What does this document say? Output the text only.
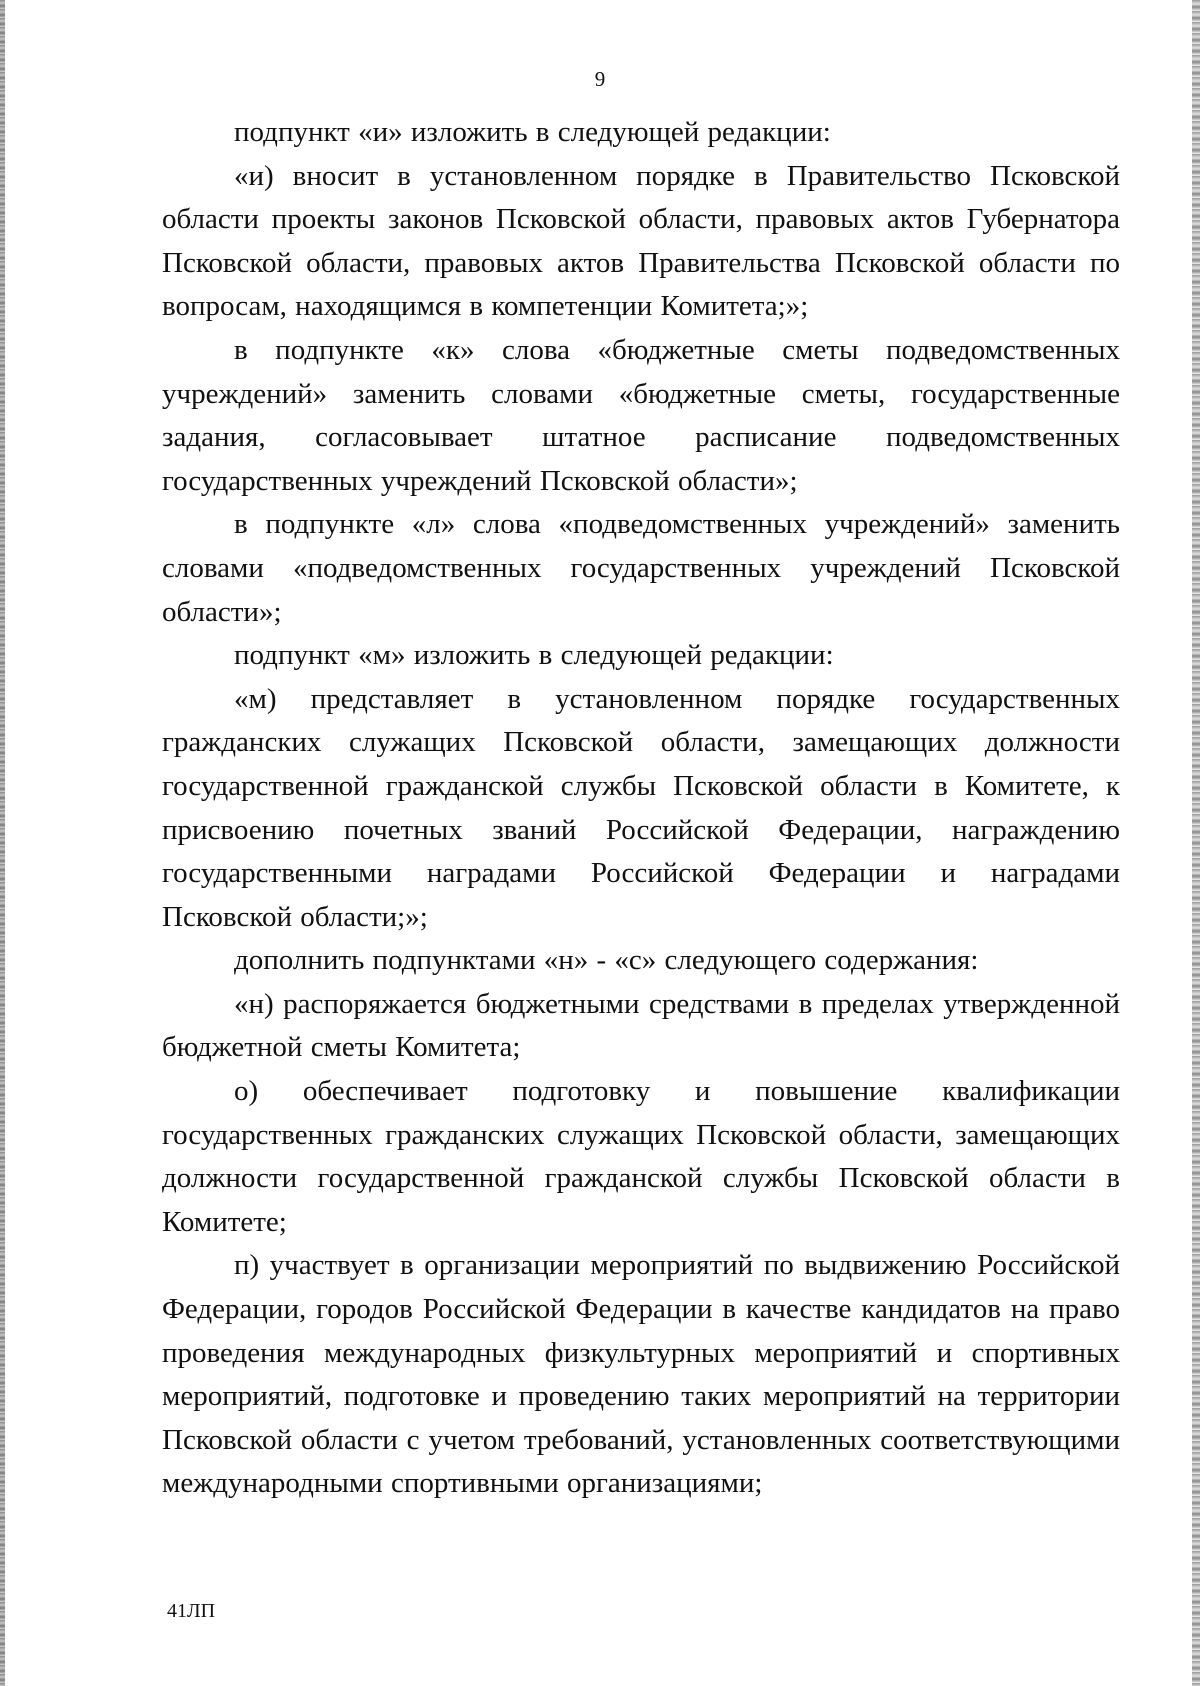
9

подпункт «и» изложить в следующей редакции:

«и) вносит в установленном порядке в Правительство Псковской области проекты законов Псковской области, правовых актов Губернатора Псковской области, правовых актов Правительства Псковской области по вопросам, находящимся в компетенции Комитета;»;

в подпункте «к» слова «бюджетные сметы подведомственных учреждений» заменить словами «бюджетные сметы, государственные задания, согласовывает штатное расписание подведомственных государственных учреждений Псковской области»;

в подпункте «л» слова «подведомственных учреждений» заменить словами «подведомственных государственных учреждений Псковской области»;

подпункт «м» изложить в следующей редакции:

«м) представляет в установленном порядке государственных гражданских служащих Псковской области, замещающих должности государственной гражданской службы Псковской области в Комитете, к присвоению почетных званий Российской Федерации, награждению государственными наградами Российской Федерации и наградами Псковской области;»;

дополнить подпунктами «н» - «с» следующего содержания:

«н) распоряжается бюджетными средствами в пределах утвержденной бюджетной сметы Комитета;

о) обеспечивает подготовку и повышение квалификации государственных гражданских служащих Псковской области, замещающих должности государственной гражданской службы Псковской области в Комитете;

п) участвует в организации мероприятий по выдвижению Российской Федерации, городов Российской Федерации в качестве кандидатов на право проведения международных физкультурных мероприятий и спортивных мероприятий, подготовке и проведению таких мероприятий на территории Псковской области с учетом требований, установленных соответствующими международными спортивными организациями;

41ЛП
